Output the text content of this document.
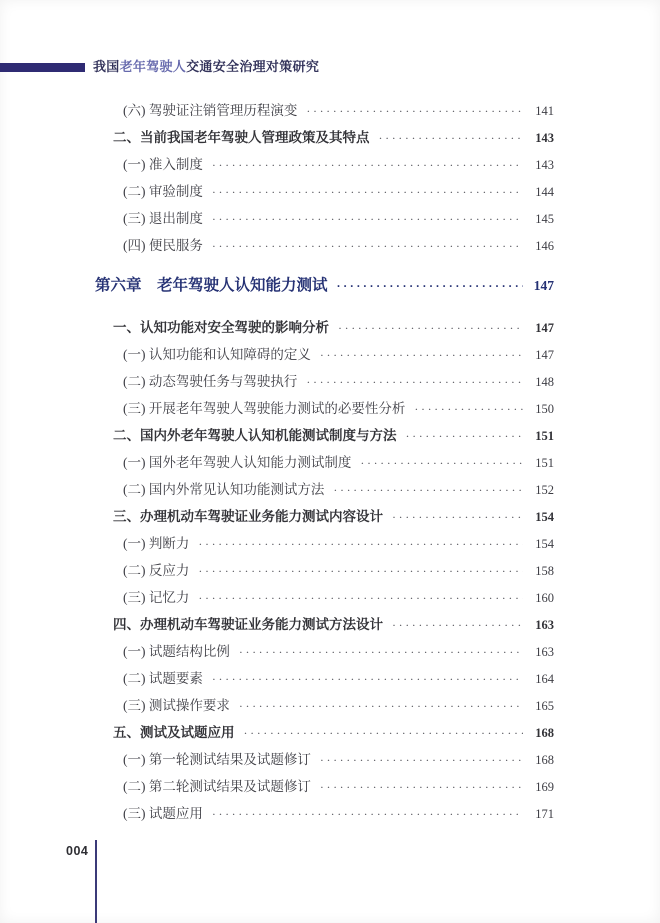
我国老年驾驶人交通安全治理对策研究
(六) 驾驶证注销管理历程演变 ·····	141
二、当前我国老年驾驶人管理政策及其特点 ·····	143
(一) 准入制度 ·····	143
(二) 审验制度 ·····	144
(三) 退出制度 ·····	145
(四) 便民服务 ·····	146
第六章　老年驾驶人认知能力测试 ·····	147
一、认知功能对安全驾驶的影响分析 ·····	147
(一) 认知功能和认知障碍的定义 ·····	147
(二) 动态驾驶任务与驾驶执行 ·····	148
(三) 开展老年驾驶人驾驶能力测试的必要性分析 ·····	150
二、国内外老年驾驶人认知机能测试制度与方法 ·····	151
(一) 国外老年驾驶人认知能力测试制度 ·····	151
(二) 国内外常见认知功能测试方法 ·····	152
三、办理机动车驾驶证业务能力测试内容设计 ·····	154
(一) 判断力 ·····	154
(二) 反应力 ·····	158
(三) 记忆力 ·····	160
四、办理机动车驾驶证业务能力测试方法设计 ·····	163
(一) 试题结构比例 ·····	163
(二) 试题要素 ·····	164
(三) 测试操作要求 ·····	165
五、测试及试题应用 ·····	168
(一) 第一轮测试结果及试题修订 ·····	168
(二) 第二轮测试结果及试题修订 ·····	169
(三) 试题应用 ·····	171
004
